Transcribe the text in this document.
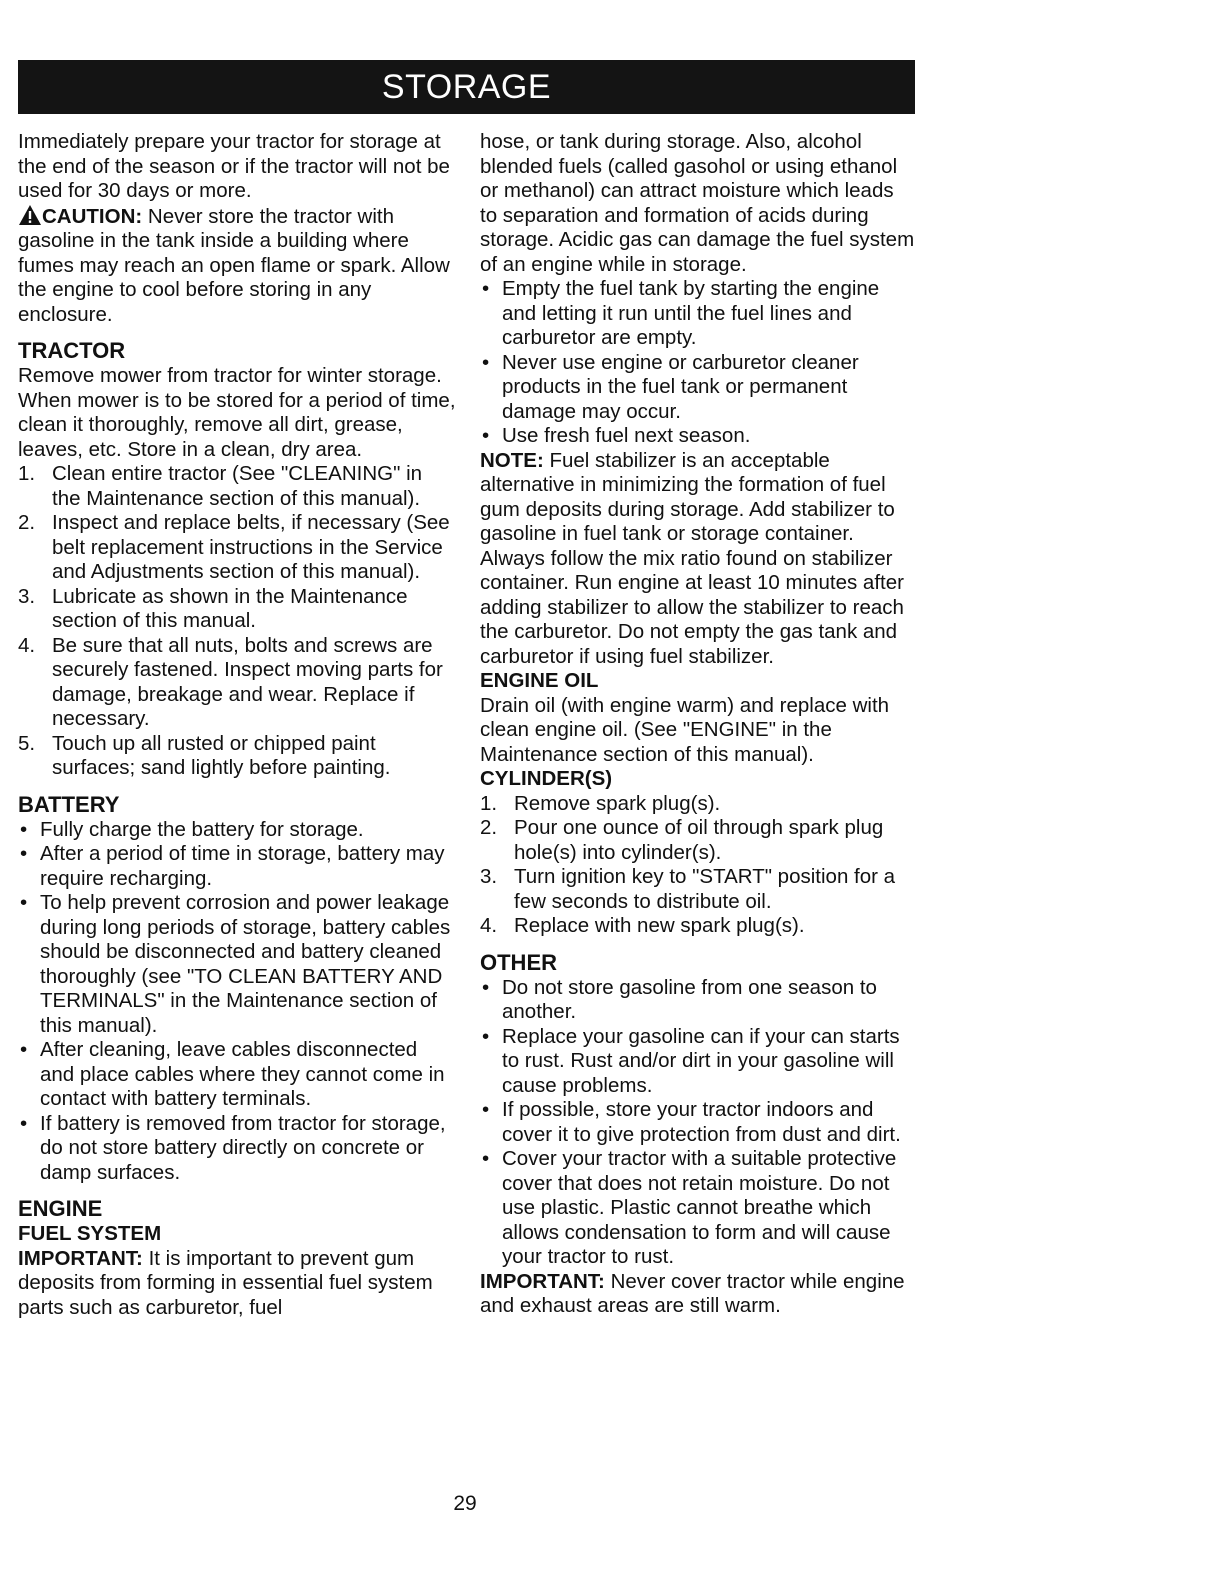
STORAGE

Immediately prepare your tractor for storage at the end of the season or if the tractor will not be used for 30 days or more.

CAUTION: Never store the tractor with gasoline in the tank inside a building where fumes may reach an open flame or spark. Allow the engine to cool before storing in any enclosure.

TRACTOR

Remove mower from tractor for winter storage. When mower is to be stored for a period of time, clean it thoroughly, remove all dirt, grease, leaves, etc. Store in a clean, dry area.

1. Clean entire tractor (See "CLEANING" in the Maintenance section of this manual).
2. Inspect and replace belts, if necessary (See belt replacement instructions in the Service and Adjustments section of this manual).
3. Lubricate as shown in the Maintenance section of this manual.
4. Be sure that all nuts, bolts and screws are securely fastened. Inspect moving parts for damage, breakage and wear. Replace if necessary.
5. Touch up all rusted or chipped paint surfaces; sand lightly before painting.
BATTERY
• Fully charge the battery for storage.
• After a period of time in storage, battery may require recharging.
• To help prevent corrosion and power leakage during long periods of storage, battery cables should be disconnected and battery cleaned thoroughly (see "TO CLEAN BATTERY AND TERMINALS" in the Maintenance section of this manual).
• After cleaning, leave cables disconnected and place cables where they cannot come in contact with battery terminals.
• If battery is removed from tractor for storage, do not store battery directly on concrete or damp surfaces.
ENGINE
FUEL SYSTEM

IMPORTANT: It is important to prevent gum deposits from forming in essential fuel system parts such as carburetor, fuel

hose, or tank during storage. Also, alcohol blended fuels (called gasohol or using ethanol or methanol) can attract moisture which leads to separation and formation of acids during storage. Acidic gas can damage the fuel system of an engine while in storage.

• Empty the fuel tank by starting the engine and letting it run until the fuel lines and carburetor are empty.
• Never use engine or carburetor cleaner products in the fuel tank or permanent damage may occur.
• Use fresh fuel next season.

NOTE: Fuel stabilizer is an acceptable alternative in minimizing the formation of fuel gum deposits during storage. Add stabilizer to gasoline in fuel tank or storage container. Always follow the mix ratio found on stabilizer container. Run engine at least 10 minutes after adding stabilizer to allow the stabilizer to reach the carburetor. Do not empty the gas tank and carburetor if using fuel stabilizer.

ENGINE OIL

Drain oil (with engine warm) and replace with clean engine oil. (See "ENGINE" in the Maintenance section of this manual).

CYLINDER(S)
1. Remove spark plug(s).
2. Pour one ounce of oil through spark plug hole(s) into cylinder(s).
3. Turn ignition key to "START" position for a few seconds to distribute oil.
4. Replace with new spark plug(s).
OTHER
• Do not store gasoline from one season to another.
• Replace your gasoline can if your can starts to rust. Rust and/or dirt in your gasoline will cause problems.
• If possible, store your tractor indoors and cover it to give protection from dust and dirt.
• Cover your tractor with a suitable protective cover that does not retain moisture. Do not use plastic. Plastic cannot breathe which allows condensation to form and will cause your tractor to rust.

IMPORTANT: Never cover tractor while engine and exhaust areas are still warm.

29
